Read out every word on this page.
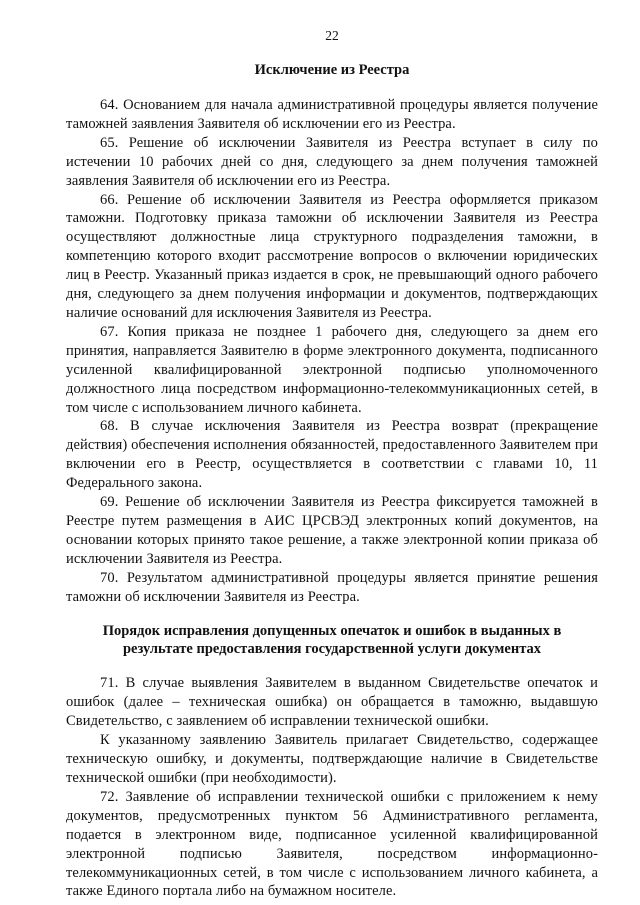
22
Исключение из Реестра

64. Основанием для начала административной процедуры является получение таможней заявления Заявителя об исключении его из Реестра.

65. Решение об исключении Заявителя из Реестра вступает в силу по истечении 10 рабочих дней со дня, следующего за днем получения таможней заявления Заявителя об исключении его из Реестра.

66. Решение об исключении Заявителя из Реестра оформляется приказом таможни. Подготовку приказа таможни об исключении Заявителя из Реестра осуществляют должностные лица структурного подразделения таможни, в компетенцию которого входит рассмотрение вопросов о включении юридических лиц в Реестр. Указанный приказ издается в срок, не превышающий одного рабочего дня, следующего за днем получения информации и документов, подтверждающих наличие оснований для исключения Заявителя из Реестра.

67. Копия приказа не позднее 1 рабочего дня, следующего за днем его принятия, направляется Заявителю в форме электронного документа, подписанного усиленной квалифицированной электронной подписью уполномоченного должностного лица посредством информационно-телекоммуникационных сетей, в том числе с использованием личного кабинета.

68. В случае исключения Заявителя из Реестра возврат (прекращение действия) обеспечения исполнения обязанностей, предоставленного Заявителем при включении его в Реестр, осуществляется в соответствии с главами 10, 11 Федерального закона.

69. Решение об исключении Заявителя из Реестра фиксируется таможней в Реестре путем размещения в АИС ЦРСВЭД электронных копий документов, на основании которых принято такое решение, а также электронной копии приказа об исключении Заявителя из Реестра.

70. Результатом административной процедуры является принятие решения таможни об исключении Заявителя из Реестра.

Порядок исправления допущенных опечаток и ошибок в выданных в результате предоставления государственной услуги документах

71. В случае выявления Заявителем в выданном Свидетельстве опечаток и ошибок (далее – техническая ошибка) он обращается в таможню, выдавшую Свидетельство, с заявлением об исправлении технической ошибки.

К указанному заявлению Заявитель прилагает Свидетельство, содержащее техническую ошибку, и документы, подтверждающие наличие в Свидетельстве технической ошибки (при необходимости).

72. Заявление об исправлении технической ошибки с приложением к нему документов, предусмотренных пунктом 56 Административного регламента, подается в электронном виде, подписанное усиленной квалифицированной электронной подписью Заявителя, посредством информационно-телекоммуникационных сетей, в том числе с использованием личного кабинета, а также Единого портала либо на бумажном носителе.
